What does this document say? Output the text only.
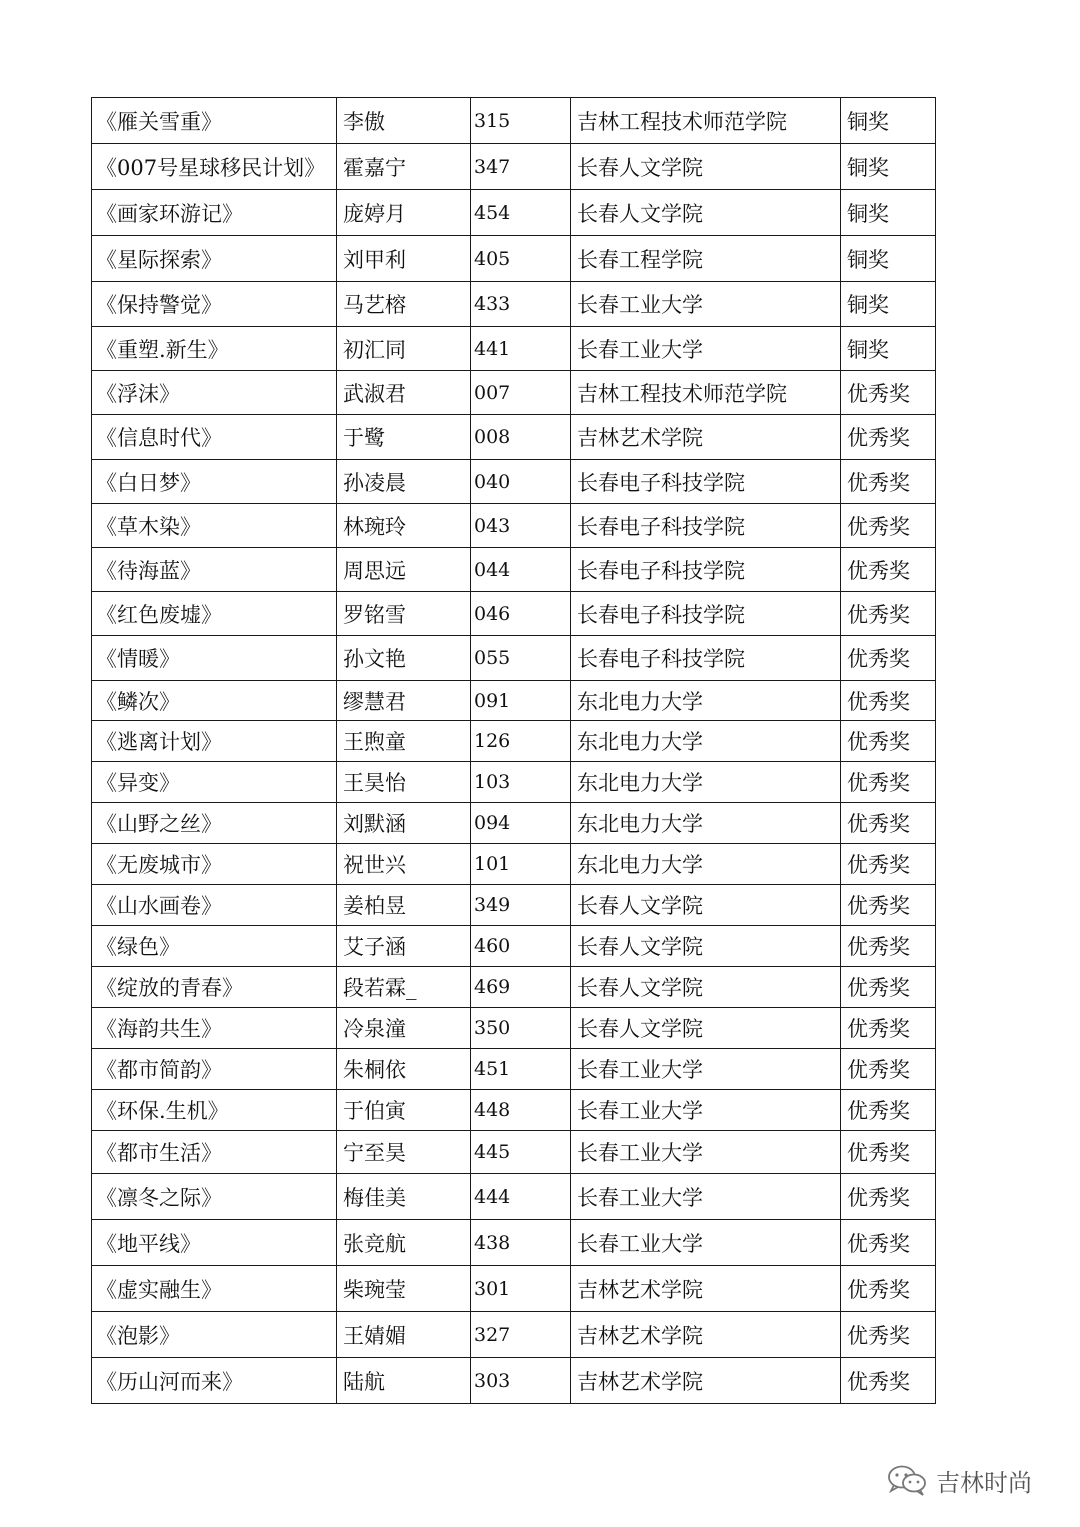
《雁关雪重》	李傲	315	吉林工程技术师范学院	铜奖
《007号星球移民计划》	霍嘉宁	347	长春人文学院	铜奖
《画家环游记》	庞婷月	454	长春人文学院	铜奖
《星际探索》	刘甲利	405	长春工程学院	铜奖
《保持警觉》	马艺榕	433	长春工业大学	铜奖
《重塑.新生》	初汇同	441	长春工业大学	铜奖
《浮沫》	武淑君	007	吉林工程技术师范学院	优秀奖
《信息时代》	于鹭	008	吉林艺术学院	优秀奖
《白日梦》	孙凌晨	040	长春电子科技学院	优秀奖
《草木染》	林琬玲	043	长春电子科技学院	优秀奖
《待海蓝》	周思远	044	长春电子科技学院	优秀奖
《红色废墟》	罗铭雪	046	长春电子科技学院	优秀奖
《情暖》	孙文艳	055	长春电子科技学院	优秀奖
《鳞次》	缪慧君	091	东北电力大学	优秀奖
《逃离计划》	王煦童	126	东北电力大学	优秀奖
《异变》	王昊怡	103	东北电力大学	优秀奖
《山野之丝》	刘默涵	094	东北电力大学	优秀奖
《无废城市》	祝世兴	101	东北电力大学	优秀奖
《山水画卷》	姜柏昱	349	长春人文学院	优秀奖
《绿色》	艾子涵	460	长春人文学院	优秀奖
《绽放的青春》	段若霖_	469	长春人文学院	优秀奖
《海韵共生》	冷泉潼	350	长春人文学院	优秀奖
《都市简韵》	朱桐依	451	长春工业大学	优秀奖
《环保.生机》	于伯寅	448	长春工业大学	优秀奖
《都市生活》	宁至昊	445	长春工业大学	优秀奖
《凛冬之际》	梅佳美	444	长春工业大学	优秀奖
《地平线》	张竞航	438	长春工业大学	优秀奖
《虚实融生》	柴琬莹	301	吉林艺术学院	优秀奖
《泡影》	王婧媚	327	吉林艺术学院	优秀奖
《历山河而来》	陆航	303	吉林艺术学院	优秀奖
吉林时尚
